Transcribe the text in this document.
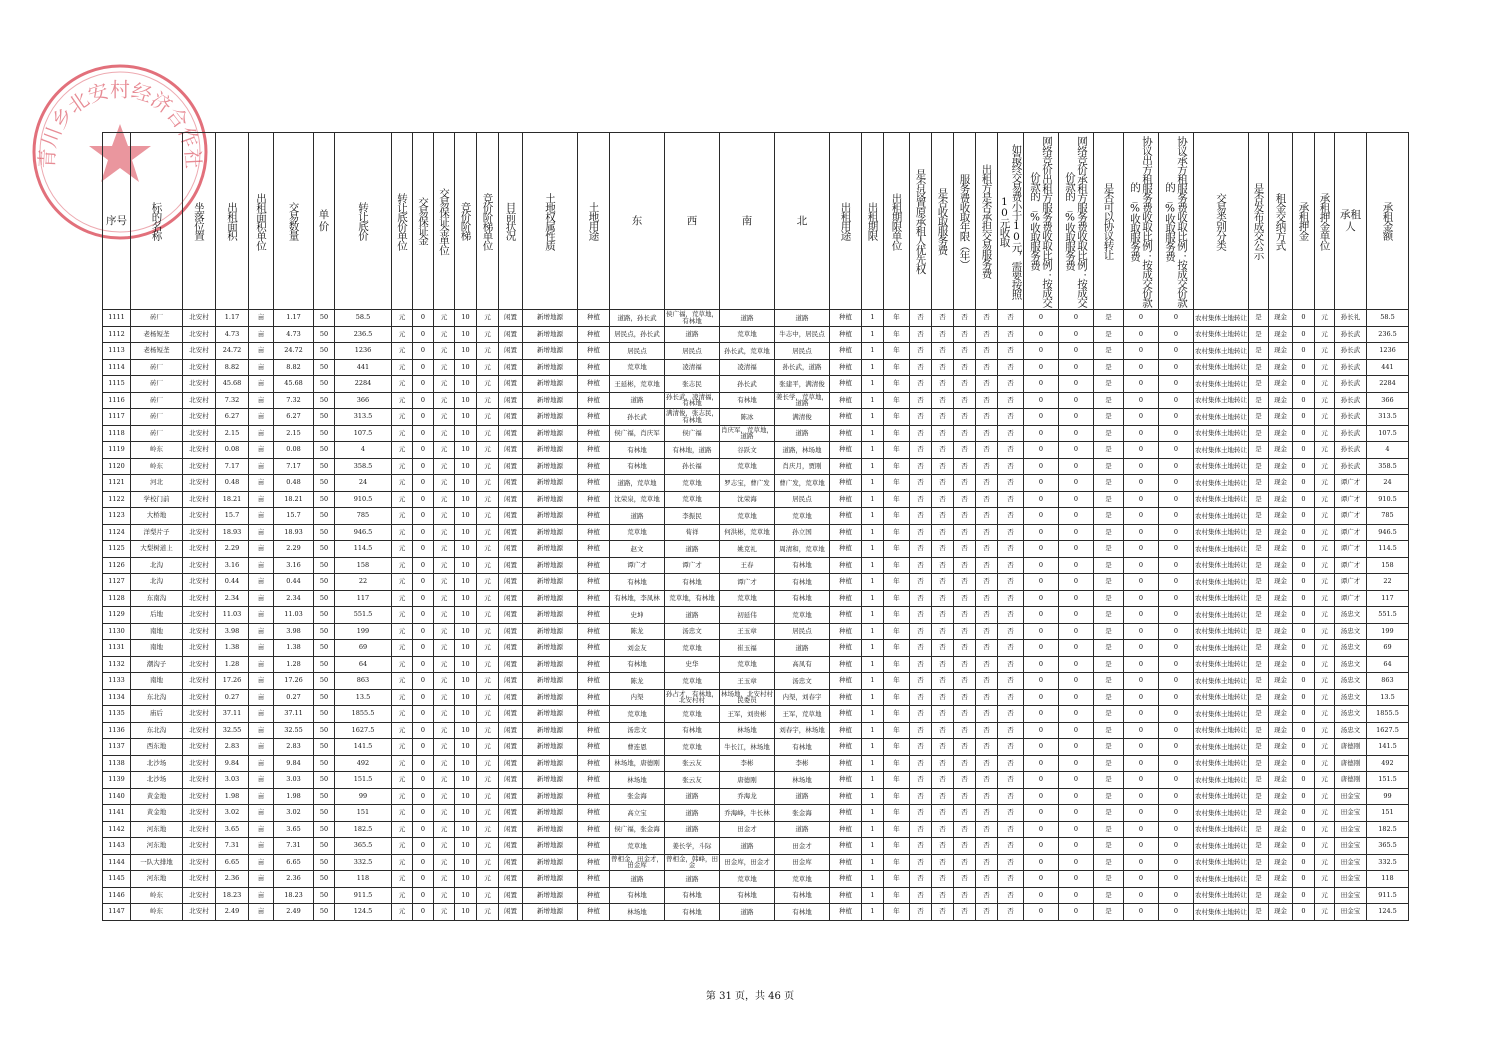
青川乡北安村经济合作社
序号	标的名称	坐落位置	出租面积	出租面积单位	交易数量	单价	转让底价	转让底价单位	交易保证金	交易保证金单位	竞价阶梯	竞价阶梯单位	目前状况	土地权属性质	土地用途	东	西	南	北	出租用途	出租期限	出租期限单位	是否设置原承租人优先权	是否收取服务费	服务费收取年限（年）	出租方是否承担交易服务费	如最终交易费小于10元，需要按照10元收取	网络竞价出租方服务费收取比例：按成交价款的_%收取服务费	网络竞价承租方服务费收取比例：按成交价款的_%收取服务费	是否可以协议转让	协议出方租服务费收取比例：按成交价款的_%收取服务费	协议承方租服务费收取比例：按成交价款的_%收取服务费	交易类别分类	是否发布成交公示	租金交纳方式	承租押金	承租押金单位	承租人	承租金额
1111	砖厂	北安村	1.17	亩	1.17	50	58.5	元	0	元	10	元	闲置	新增地源	种植	道路，孙长武	侯广福，荒草地，有林地	道路	道路	种植	1	年	否	否	否	否	否	0	0	是	0	0	农村集体土地转让	是	现金	0	元	孙长礼	58.5
1112	老杨短垄	北安村	4.73	亩	4.73	50	236.5	元	0	元	10	元	闲置	新增地源	种植	居民点，孙长武	道路	荒草地	牛志中，居民点	种植	1	年	否	否	否	否	否	0	0	是	0	0	农村集体土地转让	是	现金	0	元	孙长武	236.5
1113	老杨短垄	北安村	24.72	亩	24.72	50	1236	元	0	元	10	元	闲置	新增地源	种植	居民点	居民点	孙长武，荒草地	居民点	种植	1	年	否	否	否	否	否	0	0	是	0	0	农村集体土地转让	是	现金	0	元	孙长武	1236
1114	砖厂	北安村	8.82	亩	8.82	50	441	元	0	元	10	元	闲置	新增地源	种植	荒草地	凌清福	凌清福	孙长武，道路	种植	1	年	否	否	否	否	否	0	0	是	0	0	农村集体土地转让	是	现金	0	元	孙长武	441
1115	砖厂	北安村	45.68	亩	45.68	50	2284	元	0	元	10	元	闲置	新增地源	种植	王延彬，荒草地	张志民	孙长武	张建平，满清俊	种植	1	年	否	否	否	否	否	0	0	是	0	0	农村集体土地转让	是	现金	0	元	孙长武	2284
1116	砖厂	北安村	7.32	亩	7.32	50	366	元	0	元	10	元	闲置	新增地源	种植	道路	孙长武，凌清福，有林地	有林地	姜长学，荒草地，道路	种植	1	年	否	否	否	否	否	0	0	是	0	0	农村集体土地转让	是	现金	0	元	孙长武	366
1117	砖厂	北安村	6.27	亩	6.27	50	313.5	元	0	元	10	元	闲置	新增地源	种植	孙长武	满清俊，张志民，有林地	陈冰	满清俊	种植	1	年	否	否	否	否	否	0	0	是	0	0	农村集体土地转让	是	现金	0	元	孙长武	313.5
1118	砖厂	北安村	2.15	亩	2.15	50	107.5	元	0	元	10	元	闲置	新增地源	种植	侯广福，肖庆军	侯广福	肖庆军，荒草地，道路	道路	种植	1	年	否	否	否	否	否	0	0	是	0	0	农村集体土地转让	是	现金	0	元	孙长武	107.5
1119	岭东	北安村	0.08	亩	0.08	50	4	元	0	元	10	元	闲置	新增地源	种植	有林地	有林地，道路	谷跃文	道路，林场地	种植	1	年	否	否	否	否	否	0	0	是	0	0	农村集体土地转让	是	现金	0	元	孙长武	4
1120	岭东	北安村	7.17	亩	7.17	50	358.5	元	0	元	10	元	闲置	新增地源	种植	有林地	孙长福	荒草地	肖庆月，贾刚	种植	1	年	否	否	否	否	否	0	0	是	0	0	农村集体土地转让	是	现金	0	元	孙长武	358.5
1121	河北	北安村	0.48	亩	0.48	50	24	元	0	元	10	元	闲置	新增地源	种植	道路，荒草地	荒草地	罗志宝，曹广发	曹广发，荒草地	种植	1	年	否	否	否	否	否	0	0	是	0	0	农村集体土地转让	是	现金	0	元	谭广才	24
1122	学校门前	北安村	18.21	亩	18.21	50	910.5	元	0	元	10	元	闲置	新增地源	种植	沈荣泉，荒草地	荒草地	沈荣海	居民点	种植	1	年	否	否	否	否	否	0	0	是	0	0	农村集体土地转让	是	现金	0	元	谭广才	910.5
1123	大桥地	北安村	15.7	亩	15.7	50	785	元	0	元	10	元	闲置	新增地源	种植	道路	李振民	荒草地	荒草地	种植	1	年	否	否	否	否	否	0	0	是	0	0	农村集体土地转让	是	现金	0	元	谭广才	785
1124	洋梨片子	北安村	18.93	亩	18.93	50	946.5	元	0	元	10	元	闲置	新增地源	种植	荒草地	荀祥	何洪彬，荒草地	孙立国	种植	1	年	否	否	否	否	否	0	0	是	0	0	农村集体土地转让	是	现金	0	元	谭广才	946.5
1125	大梨树道上	北安村	2.29	亩	2.29	50	114.5	元	0	元	10	元	闲置	新增地源	种植	赵文	道路	姚克礼	周清和，荒草地	种植	1	年	否	否	否	否	否	0	0	是	0	0	农村集体土地转让	是	现金	0	元	谭广才	114.5
1126	北沟	北安村	3.16	亩	3.16	50	158	元	0	元	10	元	闲置	新增地源	种植	谭广才	谭广才	王春	有林地	种植	1	年	否	否	否	否	否	0	0	是	0	0	农村集体土地转让	是	现金	0	元	谭广才	158
1127	北沟	北安村	0.44	亩	0.44	50	22	元	0	元	10	元	闲置	新增地源	种植	有林地	有林地	谭广才	有林地	种植	1	年	否	否	否	否	否	0	0	是	0	0	农村集体土地转让	是	现金	0	元	谭广才	22
1128	东南沟	北安村	2.34	亩	2.34	50	117	元	0	元	10	元	闲置	新增地源	种植	有林地，李凤林	荒草地，有林地	荒草地	有林地	种植	1	年	否	否	否	否	否	0	0	是	0	0	农村集体土地转让	是	现金	0	元	谭广才	117
1129	后地	北安村	11.03	亩	11.03	50	551.5	元	0	元	10	元	闲置	新增地源	种植	史坤	道路	初延伟	荒草地	种植	1	年	否	否	否	否	否	0	0	是	0	0	农村集体土地转让	是	现金	0	元	汤忠文	551.5
1130	南地	北安村	3.98	亩	3.98	50	199	元	0	元	10	元	闲置	新增地源	种植	陈龙	汤忠文	王玉章	居民点	种植	1	年	否	否	否	否	否	0	0	是	0	0	农村集体土地转让	是	现金	0	元	汤忠文	199
1131	南地	北安村	1.38	亩	1.38	50	69	元	0	元	10	元	闲置	新增地源	种植	刘金友	荒草地	崔玉福	道路	种植	1	年	否	否	否	否	否	0	0	是	0	0	农村集体土地转让	是	现金	0	元	汤忠文	69
1132	潮沟子	北安村	1.28	亩	1.28	50	64	元	0	元	10	元	闲置	新增地源	种植	有林地	史华	荒草地	高凤有	种植	1	年	否	否	否	否	否	0	0	是	0	0	农村集体土地转让	是	现金	0	元	汤忠文	64
1133	南地	北安村	17.26	亩	17.26	50	863	元	0	元	10	元	闲置	新增地源	种植	陈龙	荒草地	王玉章	汤忠文	种植	1	年	否	否	否	否	否	0	0	是	0	0	农村集体土地转让	是	现金	0	元	汤忠文	863
1134	东北沟	北安村	0.27	亩	0.27	50	13.5	元	0	元	10	元	闲置	新增地源	种植	内渠	孙占才，有林地，北安村村	林场地，北安村村民委员	内渠，刘春宇	种植	1	年	否	否	否	否	否	0	0	是	0	0	农村集体土地转让	是	现金	0	元	汤忠文	13.5
1135	庙后	北安村	37.11	亩	37.11	50	1855.5	元	0	元	10	元	闲置	新增地源	种植	荒草地	荒草地	王军，刘贵彬	王军，荒草地	种植	1	年	否	否	否	否	否	0	0	是	0	0	农村集体土地转让	是	现金	0	元	汤忠文	1855.5
1136	东北沟	北安村	32.55	亩	32.55	50	1627.5	元	0	元	10	元	闲置	新增地源	种植	汤忠文	有林地	林场地	刘春宇，林场地	种植	1	年	否	否	否	否	否	0	0	是	0	0	农村集体土地转让	是	现金	0	元	汤忠文	1627.5
1137	西东地	北安村	2.83	亩	2.83	50	141.5	元	0	元	10	元	闲置	新增地源	种植	曹连恩	荒草地	牛长江，林场地	有林地	种植	1	年	否	否	否	否	否	0	0	是	0	0	农村集体土地转让	是	现金	0	元	唐德刚	141.5
1138	北沙场	北安村	9.84	亩	9.84	50	492	元	0	元	10	元	闲置	新增地源	种植	林场地，唐德刚	张云友	李彬	李彬	种植	1	年	否	否	否	否	否	0	0	是	0	0	农村集体土地转让	是	现金	0	元	唐德刚	492
1139	北沙场	北安村	3.03	亩	3.03	50	151.5	元	0	元	10	元	闲置	新增地源	种植	林场地	张云友	唐德刚	林场地	种植	1	年	否	否	否	否	否	0	0	是	0	0	农村集体土地转让	是	现金	0	元	唐德刚	151.5
1140	黄金地	北安村	1.98	亩	1.98	50	99	元	0	元	10	元	闲置	新增地源	种植	张金海	道路	乔海龙	道路	种植	1	年	否	否	否	否	否	0	0	是	0	0	农村集体土地转让	是	现金	0	元	田金宝	99
1141	黄金地	北安村	3.02	亩	3.02	50	151	元	0	元	10	元	闲置	新增地源	种植	高立宝	道路	乔海峰，牛长林	张金海	种植	1	年	否	否	否	否	否	0	0	是	0	0	农村集体土地转让	是	现金	0	元	田金宝	151
1142	河东地	北安村	3.65	亩	3.65	50	182.5	元	0	元	10	元	闲置	新增地源	种植	侯广福，张金海	道路	田金才	道路	种植	1	年	否	否	否	否	否	0	0	是	0	0	农村集体土地转让	是	现金	0	元	田金宝	182.5
1143	河东地	北安村	7.31	亩	7.31	50	365.5	元	0	元	10	元	闲置	新增地源	种植	荒草地	姜长学，斗际	道路	田金才	种植	1	年	否	否	否	否	否	0	0	是	0	0	农村集体土地转让	是	现金	0	元	田金宝	365.5
1144	一队大排地	北安村	6.65	亩	6.65	50	332.5	元	0	元	10	元	闲置	新增地源	种植	曾相金，田金才，田金库	曾相金，韩峰，田金	田金库，田金才	田金库	种植	1	年	否	否	否	否	否	0	0	是	0	0	农村集体土地转让	是	现金	0	元	田金宝	332.5
1145	河东地	北安村	2.36	亩	2.36	50	118	元	0	元	10	元	闲置	新增地源	种植	道路	道路	荒草地	荒草地	种植	1	年	否	否	否	否	否	0	0	是	0	0	农村集体土地转让	是	现金	0	元	田金宝	118
1146	岭东	北安村	18.23	亩	18.23	50	911.5	元	0	元	10	元	闲置	新增地源	种植	有林地	有林地	有林地	有林地	种植	1	年	否	否	否	否	否	0	0	是	0	0	农村集体土地转让	是	现金	0	元	田金宝	911.5
1147	岭东	北安村	2.49	亩	2.49	50	124.5	元	0	元	10	元	闲置	新增地源	种植	林场地	有林地	道路	有林地	种植	1	年	否	否	否	否	否	0	0	是	0	0	农村集体土地转让	是	现金	0	元	田金宝	124.5
第 31 页，共 46 页
